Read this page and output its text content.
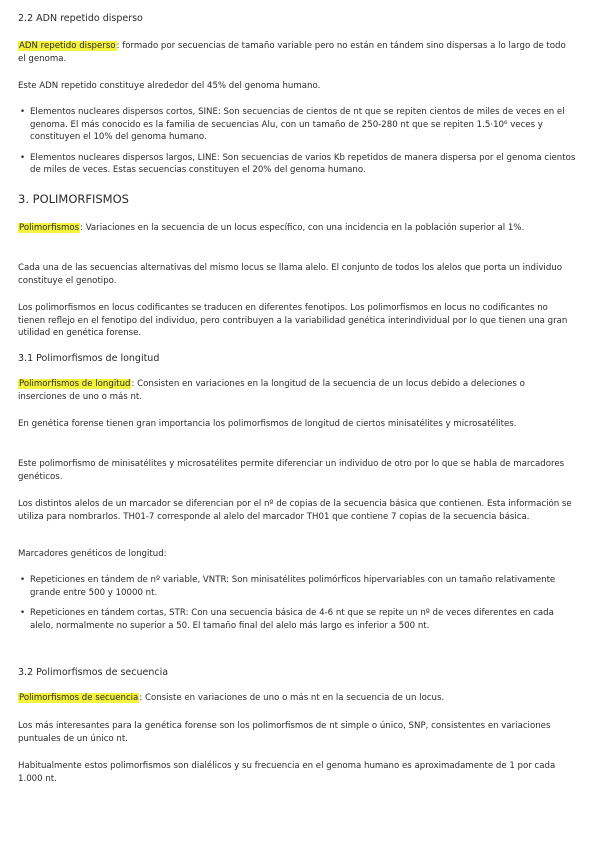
2.2 ADN repetido disperso

ADN repetido disperso: formado por secuencias de tamaño variable pero no están en tándem sino dispersas a lo largo de todo el genoma.

Este ADN repetido constituye alrededor del 45% del genoma humano.

• Elementos nucleares dispersos cortos, SINE: Son secuencias de cientos de nt que se repiten cientos de miles de veces en el genoma. El más conocido es la familia de secuencias Alu, con un tamaño de 250-280 nt que se repiten 1.5·10⁶ veces y constituyen el 10% del genoma humano.
• Elementos nucleares dispersos largos, LINE: Son secuencias de varios Kb repetidos de manera dispersa por el genoma cientos de miles de veces. Estas secuencias constituyen el 20% del genoma humano.

3. POLIMORFISMOS

Polimorfismos: Variaciones en la secuencia de un locus específico, con una incidencia en la población superior al 1%.

Cada una de las secuencias alternativas del mismo locus se llama alelo. El conjunto de todos los alelos que porta un individuo constituye el genotipo.

Los polimorfismos en locus codificantes se traducen en diferentes fenotipos. Los polimorfismos en locus no codificantes no tienen reflejo en el fenotipo del individuo, pero contribuyen a la variabilidad genética interindividual por lo que tienen una gran utilidad en genética forense.

3.1 Polimorfismos de longitud

Polimorfismos de longitud: Consisten en variaciones en la longitud de la secuencia de un locus debido a deleciones o inserciones de uno o más nt.

En genética forense tienen gran importancia los polimorfismos de longitud de ciertos minisatélites y microsatélites.

Este polimorfismo de minisatélites y microsatélites permite diferenciar un individuo de otro por lo que se habla de marcadores genéticos.

Los distintos alelos de un marcador se diferencian por el nº de copias de la secuencia básica que contienen. Esta información se utiliza para nombrarlos. TH01-7 corresponde al alelo del marcador TH01 que contiene 7 copias de la secuencia básica.

Marcadores genéticos de longitud:

• Repeticiones en tándem de nº variable, VNTR: Son minisatélites polimórficos hipervariables con un tamaño relativamente grande entre 500 y 10000 nt.
• Repeticiones en tándem cortas, STR: Con una secuencia básica de 4-6 nt que se repite un nº de veces diferentes en cada alelo, normalmente no superior a 50. El tamaño final del alelo más largo es inferior a 500 nt.

3.2 Polimorfismos de secuencia

Polimorfismos de secuencia: Consiste en variaciones de uno o más nt en la secuencia de un locus.

Los más interesantes para la genética forense son los polimorfismos de nt simple o único, SNP, consistentes en variaciones puntuales de un único nt.

Habitualmente estos polimorfismos son dialélicos y su frecuencia en el genoma humano es aproximadamente de 1 por cada 1.000 nt.
